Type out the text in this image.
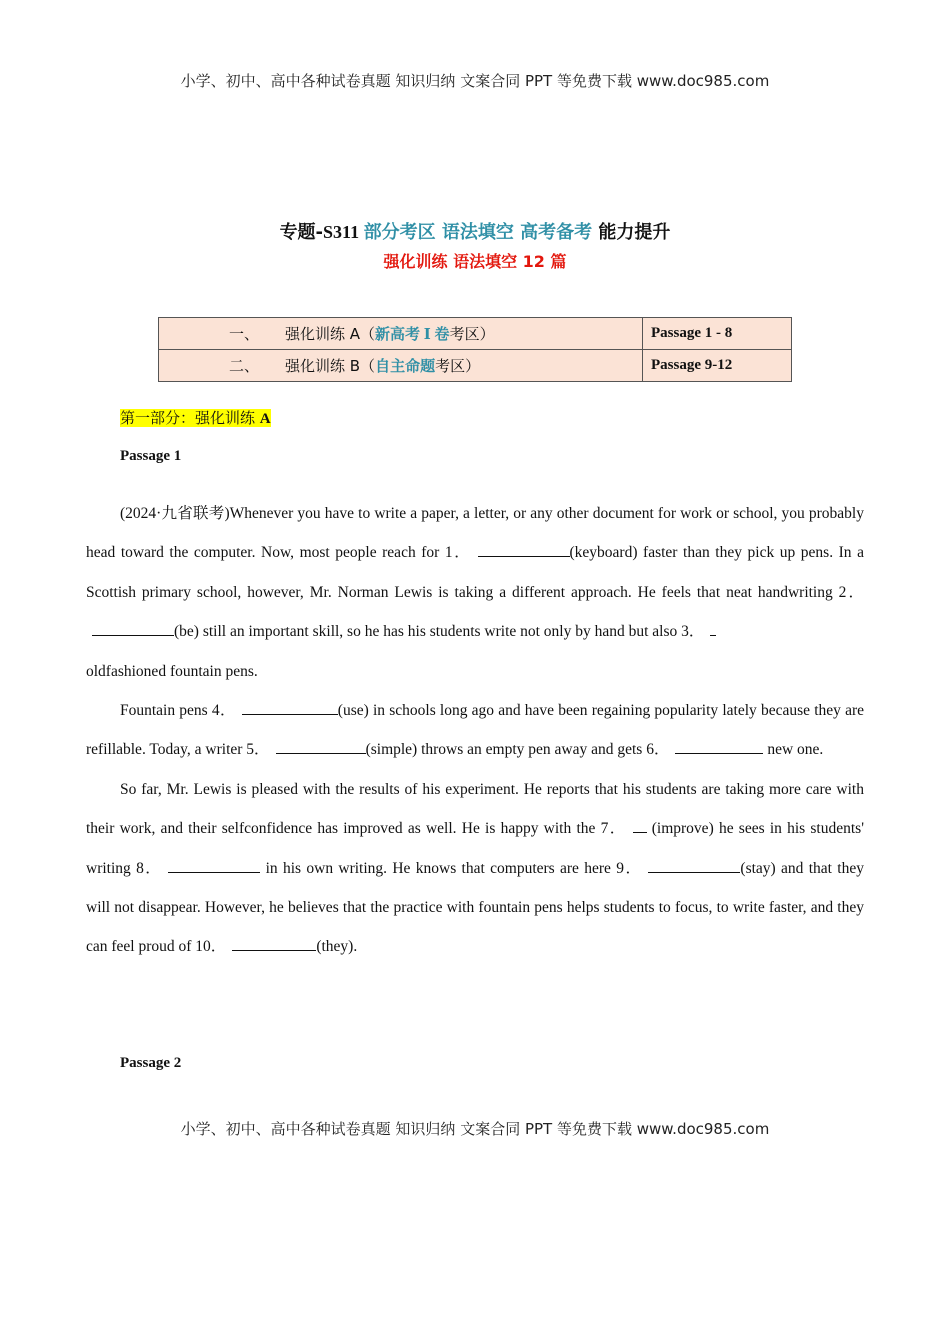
小学、初中、高中各种试卷真题 知识归纳 文案合同 PPT 等免费下载 www.doc985.com
专题-S311 部分考区 语法填空 高考备考 能力提升
强化训练 语法填空 12 篇
一、 强化训练 A（新高考 Ⅰ 卷考区）	Passage 1 - 8
二、 强化训练 B（自主命题考区）	Passage 9-12
第一部分：强化训练 A
Passage 1

(2024·九省联考)Whenever you have to write a paper, a letter, or any other document for work or school, you probably head toward the computer. Now, most people reach for 1．	(keyboard) faster than they pick up pens. In a Scottish primary school, however, Mr. Norman Lewis is taking a different approach. He feels that neat handwriting 2．(be) still an important skill, so he has his students write not only by hand but also 3．
oldfashioned fountain pens.

Fountain pens 4．	(use) in schools long ago and have been regaining popularity lately because they are refillable. Today, a writer 5．	(simple) throws an empty pen away and gets 6．	new one.

So far, Mr. Lewis is pleased with the results of his experiment. He reports that his students are taking more care with their work, and their selfconfidence has improved as well. He is happy with the 7． (improve) he sees in his students' writing 8．	in his own writing. He knows that computers are here 9．	(stay) and that they will not disappear. However, he believes that the practice with fountain pens helps students to focus, to write faster, and they can feel proud of 10．	(they).

Passage 2
小学、初中、高中各种试卷真题 知识归纳 文案合同 PPT 等免费下载 www.doc985.com
